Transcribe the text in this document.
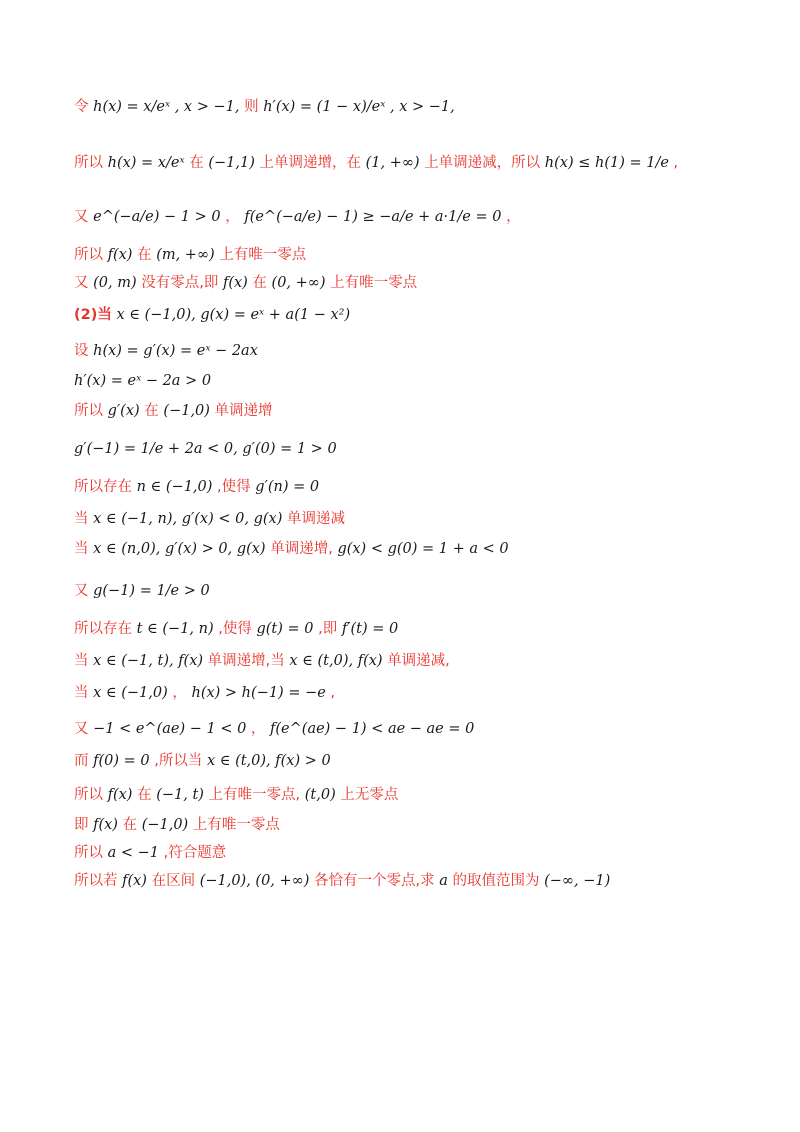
令 h(x) = x/eˣ , x > −1, 则 h′(x) = (1 − x)/eˣ , x > −1,
所以 h(x) = x/eˣ 在 (−1,1) 上单调递增，在 (1, +∞) 上单调递减，所以 h(x) ≤ h(1) = 1/e ,
又 e^(−a/e) − 1 > 0 ， f(e^(−a/e) − 1) ≥ −a/e + a·1/e = 0 ，
所以 f(x) 在 (m, +∞) 上有唯一零点
又 (0, m) 没有零点,即 f(x) 在 (0, +∞) 上有唯一零点
(2)当 x ∈ (−1,0), g(x) = eˣ + a(1 − x²)
设 h(x) = g′(x) = eˣ − 2ax
h′(x) = eˣ − 2a > 0
所以 g′(x) 在 (−1,0) 单调递增
g′(−1) = 1/e + 2a < 0, g′(0) = 1 > 0
所以存在 n ∈ (−1,0) ,使得 g′(n) = 0
当 x ∈ (−1, n), g′(x) < 0, g(x) 单调递减
当 x ∈ (n,0), g′(x) > 0, g(x) 单调递增, g(x) < g(0) = 1 + a < 0
又 g(−1) = 1/e > 0
所以存在 t ∈ (−1, n) ,使得 g(t) = 0 ,即 f′(t) = 0
当 x ∈ (−1, t), f(x) 单调递增,当 x ∈ (t,0), f(x) 单调递减,
当 x ∈ (−1,0) ， h(x) > h(−1) = −e ,
又 −1 < e^(ae) − 1 < 0 ， f(e^(ae) − 1) < ae − ae = 0
而 f(0) = 0 ,所以当 x ∈ (t,0), f(x) > 0
所以 f(x) 在 (−1, t) 上有唯一零点, (t,0) 上无零点
即 f(x) 在 (−1,0) 上有唯一零点
所以 a < −1 ,符合题意
所以若 f(x) 在区间 (−1,0), (0, +∞) 各恰有一个零点,求 a 的取值范围为 (−∞, −1)
